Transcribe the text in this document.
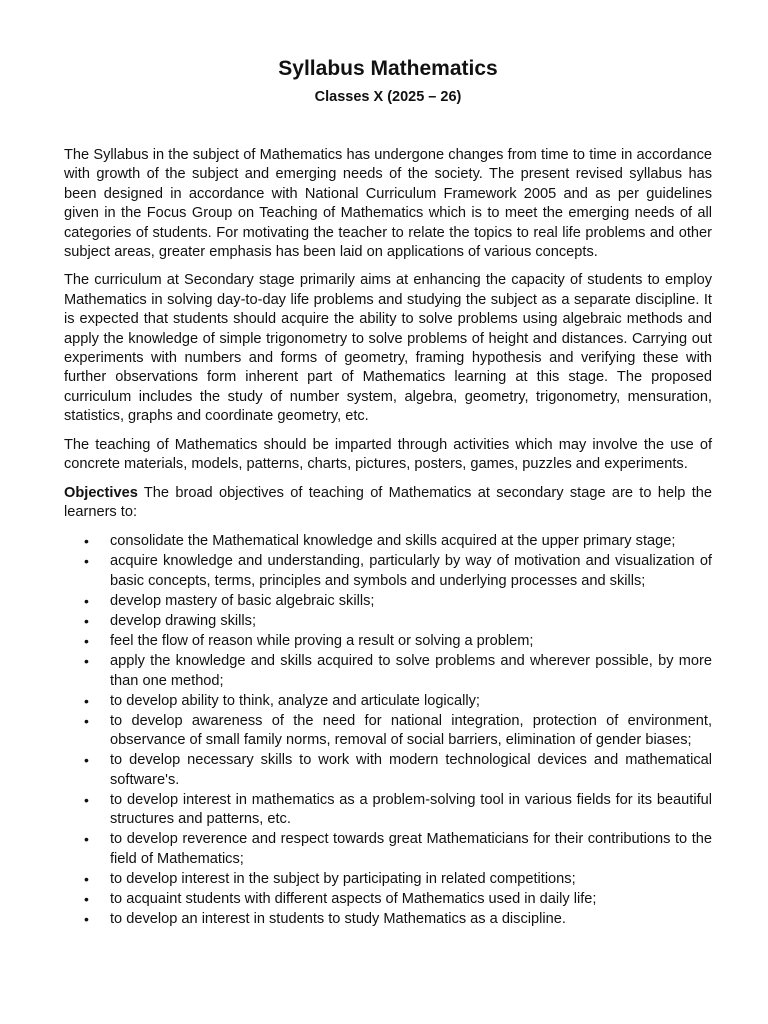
Syllabus Mathematics
Classes X (2025 – 26)

The Syllabus in the subject of Mathematics has undergone changes from time to time in accordance with growth of the subject and emerging needs of the society. The present revised syllabus has been designed in accordance with National Curriculum Framework 2005 and as per guidelines given in the Focus Group on Teaching of Mathematics which is to meet the emerging needs of all categories of students. For motivating the teacher to relate the topics to real life problems and other subject areas, greater emphasis has been laid on applications of various concepts.

The curriculum at Secondary stage primarily aims at enhancing the capacity of students to employ Mathematics in solving day-to-day life problems and studying the subject as a separate discipline. It is expected that students should acquire the ability to solve problems using algebraic methods and apply the knowledge of simple trigonometry to solve problems of height and distances. Carrying out experiments with numbers and forms of geometry, framing hypothesis and verifying these with further observations form inherent part of Mathematics learning at this stage. The proposed curriculum includes the study of number system, algebra, geometry, trigonometry, mensuration, statistics, graphs and coordinate geometry, etc.

The teaching of Mathematics should be imparted through activities which may involve the use of concrete materials, models, patterns, charts, pictures, posters, games, puzzles and experiments.

Objectives The broad objectives of teaching of Mathematics at secondary stage are to help the learners to:

• consolidate the Mathematical knowledge and skills acquired at the upper primary stage;
• acquire knowledge and understanding, particularly by way of motivation and visualization of basic concepts, terms, principles and symbols and underlying processes and skills;
• develop mastery of basic algebraic skills;
• develop drawing skills;
• feel the flow of reason while proving a result or solving a problem;
• apply the knowledge and skills acquired to solve problems and wherever possible, by more than one method;
• to develop ability to think, analyze and articulate logically;
• to develop awareness of the need for national integration, protection of environment, observance of small family norms, removal of social barriers, elimination of gender biases;
• to develop necessary skills to work with modern technological devices and mathematical software's.
• to develop interest in mathematics as a problem-solving tool in various fields for its beautiful structures and patterns, etc.
• to develop reverence and respect towards great Mathematicians for their contributions to the field of Mathematics;
• to develop interest in the subject by participating in related competitions;
• to acquaint students with different aspects of Mathematics used in daily life;
• to develop an interest in students to study Mathematics as a discipline.
